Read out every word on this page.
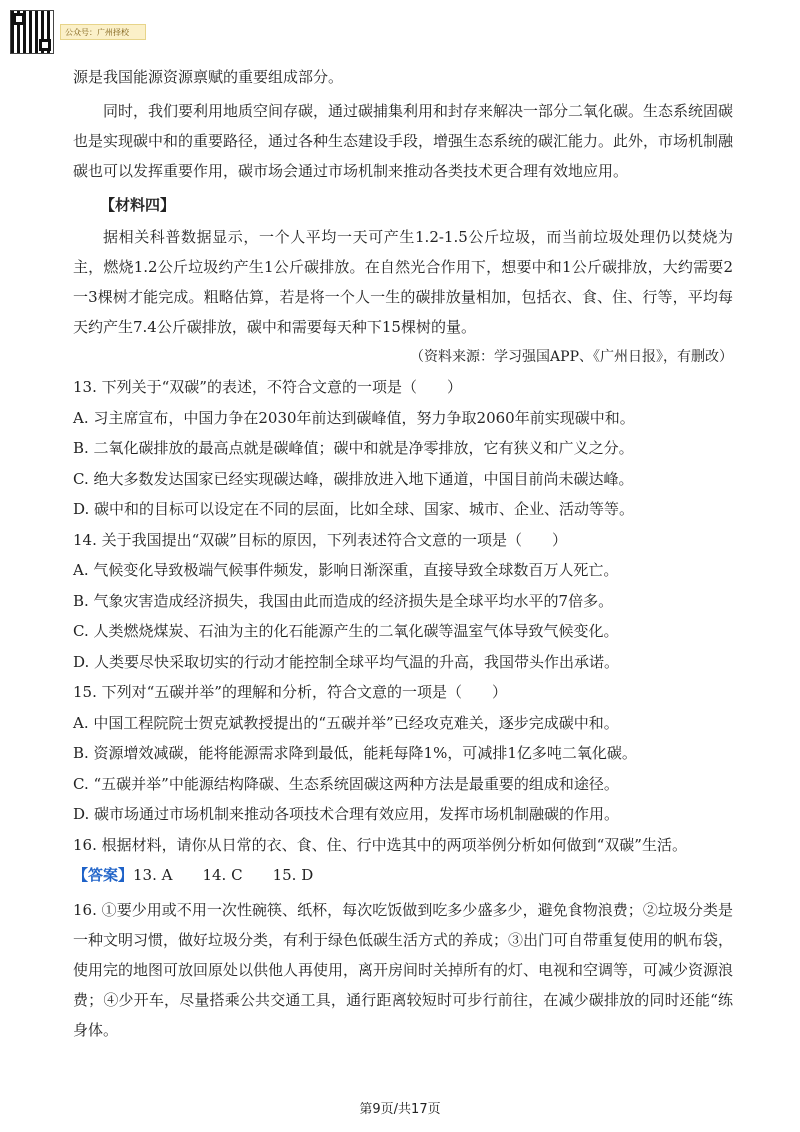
公众号：广州择校

源是我国能源资源禀赋的重要组成部分。

同时，我们要利用地质空间存碳，通过碳捕集利用和封存来解决一部分二氧化碳。生态系统固碳也是实现碳中和的重要路径，通过各种生态建设手段，增强生态系统的碳汇能力。此外，市场机制融碳也可以发挥重要作用，碳市场会通过市场机制来推动各类技术更合理有效地应用。

【材料四】

据相关科普数据显示，一个人平均一天可产生1.2-1.5公斤垃圾，而当前垃圾处理仍以焚烧为主，燃烧1.2公斤垃圾约产生1公斤碳排放。在自然光合作用下，想要中和1公斤碳排放，大约需要2一3棵树才能完成。粗略估算，若是将一个人一生的碳排放量相加，包括衣、食、住、行等，平均每天约产生7.4公斤碳排放，碳中和需要每天种下15棵树的量。

（资料来源：学习强国APP、《广州日报》，有删改）

13. 下列关于“双碳”的表述，不符合文意的一项是（　　）

A. 习主席宣布，中国力争在2030年前达到碳峰值，努力争取2060年前实现碳中和。

B. 二氧化碳排放的最高点就是碳峰值；碳中和就是净零排放，它有狭义和广义之分。

C. 绝大多数发达国家已经实现碳达峰，碳排放进入地下通道，中国目前尚未碳达峰。

D. 碳中和的目标可以设定在不同的层面，比如全球、国家、城市、企业、活动等等。

14. 关于我国提出“双碳”目标的原因，下列表述符合文意的一项是（　　）

A. 气候变化导致极端气候事件频发，影响日渐深重，直接导致全球数百万人死亡。

B. 气象灾害造成经济损失，我国由此而造成的经济损失是全球平均水平的7倍多。

C. 人类燃烧煤炭、石油为主的化石能源产生的二氧化碳等温室气体导致气候变化。

D. 人类要尽快采取切实的行动才能控制全球平均气温的升高，我国带头作出承诺。

15. 下列对“五碳并举”的理解和分析，符合文意的一项是（　　）

A. 中国工程院院士贺克斌教授提出的“五碳并举”已经攻克难关，逐步完成碳中和。

B. 资源增效减碳，能将能源需求降到最低，能耗每降1%，可减排1亿多吨二氧化碳。

C. “五碳并举”中能源结构降碳、生态系统固碳这两种方法是最重要的组成和途径。

D. 碳市场通过市场机制来推动各项技术合理有效应用，发挥市场机制融碳的作用。

16. 根据材料，请你从日常的衣、食、住、行中选其中的两项举例分析如何做到“双碳”生活。

【答案】13. A　　14. C　　15. D

16. ①要少用或不用一次性碗筷、纸杯，每次吃饭做到吃多少盛多少，避免食物浪费；②垃圾分类是一种文明习惯，做好垃圾分类，有利于绿色低碳生活方式的养成；③出门可自带重复使用的帆布袋，使用完的地图可放回原处以供他人再使用，离开房间时关掉所有的灯、电视和空调等，可减少资源浪费；④少开车，尽量搭乘公共交通工具，通行距离较短时可步行前往，在减少碳排放的同时还能“练身体。

第9页/共17页
